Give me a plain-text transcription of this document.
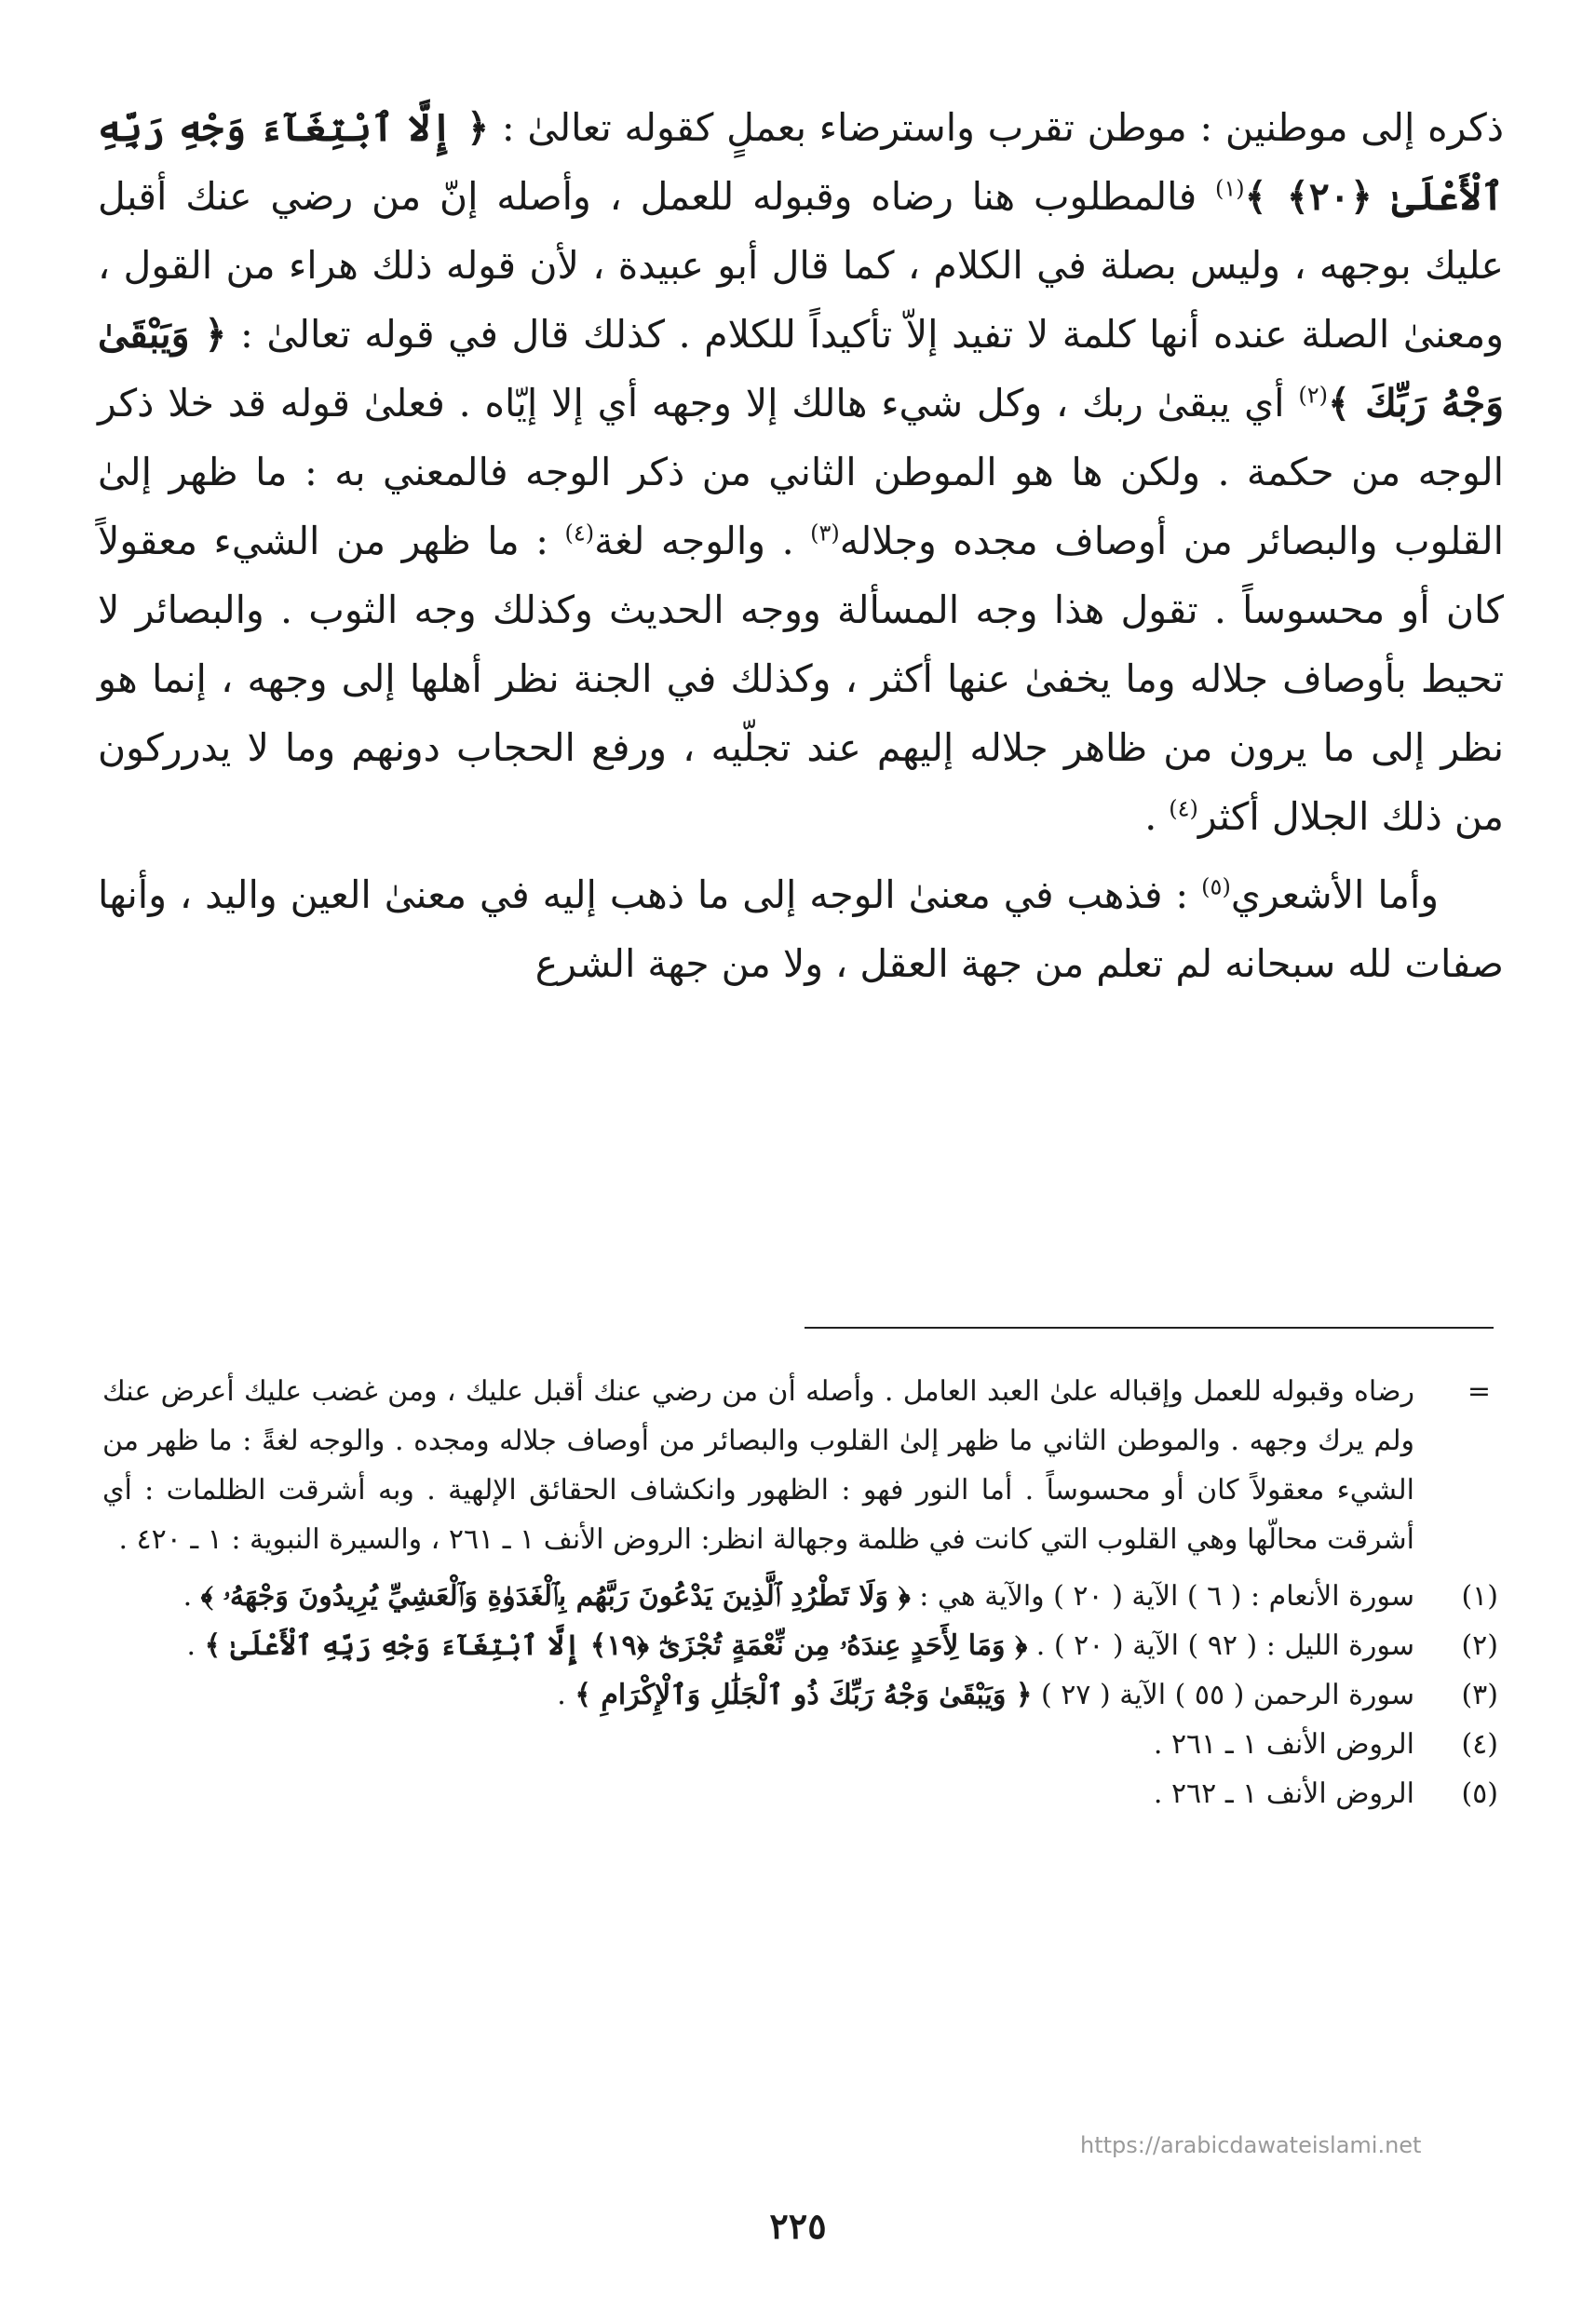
ذكره إلى موطنين : موطن تقرب واسترضاء بعملٍ كقوله تعالىٰ : ﴿ إِلَّا ٱبْتِغَآءَ وَجْهِ رَبِّهِ ٱلْأَعْلَىٰ ﴿٢٠﴾ ﴾$^{(١)}$ فالمطلوب هنا رضاه وقبوله للعمل ، وأصله إنّ من رضي عنك أقبل عليك بوجهه ، وليس بصلة في الكلام ، كما قال أبو عبيدة ، لأن قوله ذلك هراء من القول ، ومعنىٰ الصلة عنده أنها كلمة لا تفيد إلاّ تأكيداً للكلام . كذلك قال في قوله تعالىٰ : ﴿ وَيَبْقَىٰ وَجْهُ رَبِّكَ ﴾$^{(٢)}$ أي يبقىٰ ربك ، وكل شيء هالك إلا وجهه أي إلا إيّاه . فعلىٰ قوله قد خلا ذكر الوجه من حكمة . ولكن ها هو الموطن الثاني من ذكر الوجه فالمعني به : ما ظهر إلىٰ القلوب والبصائر من أوصاف مجده وجلاله$^{(٣)}$ . والوجه لغة$^{(٤)}$ : ما ظهر من الشيء معقولاً كان أو محسوساً . تقول هذا وجه المسألة ووجه الحديث وكذلك وجه الثوب . والبصائر لا تحيط بأوصاف جلاله وما يخفىٰ عنها أكثر ، وكذلك في الجنة نظر أهلها إلى وجهه ، إنما هو نظر إلى ما يرون من ظاهر جلاله إليهم عند تجلّيه ، ورفع الحجاب دونهم وما لا يدرركون من ذلك الجلال أكثر$^{(٤)}$ .

وأما الأشعري$^{(٥)}$ : فذهب في معنىٰ الوجه إلى ما ذهب إليه في معنىٰ العين واليد ، وأنها صفات لله سبحانه لم تعلم من جهة العقل ، ولا من جهة الشرع

=
رضاه وقبوله للعمل وإقباله علىٰ العبد العامل . وأصله أن من رضي عنك أقبل عليك ، ومن غضب عليك أعرض عنك ولم يرك وجهه . والموطن الثاني ما ظهر إلىٰ القلوب والبصائر من أوصاف جلاله ومجده . والوجه لغةً : ما ظهر من الشيء معقولاً كان أو محسوساً . أما النور فهو : الظهور وانكشاف الحقائق الإلهية . وبه أشرقت الظلمات : أي أشرقت محالّها وهي القلوب التي كانت في ظلمة وجهالة انظر: الروض الأنف ١ ـ ٢٦١ ، والسيرة النبوية : ١ ـ ٤٢٠ .

(١)
سورة الأنعام : ( ٦ ) الآية ( ٢٠ ) والآية هي : ﴿ وَلَا تَطْرُدِ ٱلَّذِينَ يَدْعُونَ رَبَّهُم بِٱلْغَدَوٰةِ وَٱلْعَشِيِّ يُرِيدُونَ وَجْهَهُۥ ﴾ .

(٢)
سورة الليل : ( ٩٢ ) الآية ( ٢٠ ) . ﴿ وَمَا لِأَحَدٍ عِندَهُۥ مِن نِّعْمَةٍ تُجْزَىٰٓ ﴿١٩﴾ إِلَّا ٱبْتِغَآءَ وَجْهِ رَبِّهِ ٱلْأَعْلَىٰ ﴾ .

(٣)
سورة الرحمن ( ٥٥ ) الآية ( ٢٧ ) ﴿ وَيَبْقَىٰ وَجْهُ رَبِّكَ ذُو ٱلْجَلَٰلِ وَٱلْإِكْرَامِ ﴾ .

(٤)
الروض الأنف ١ ـ ٢٦١ .

(٥)
الروض الأنف ١ ـ ٢٦٢ .

https://arabicdawateislami.net
٢٢٥
